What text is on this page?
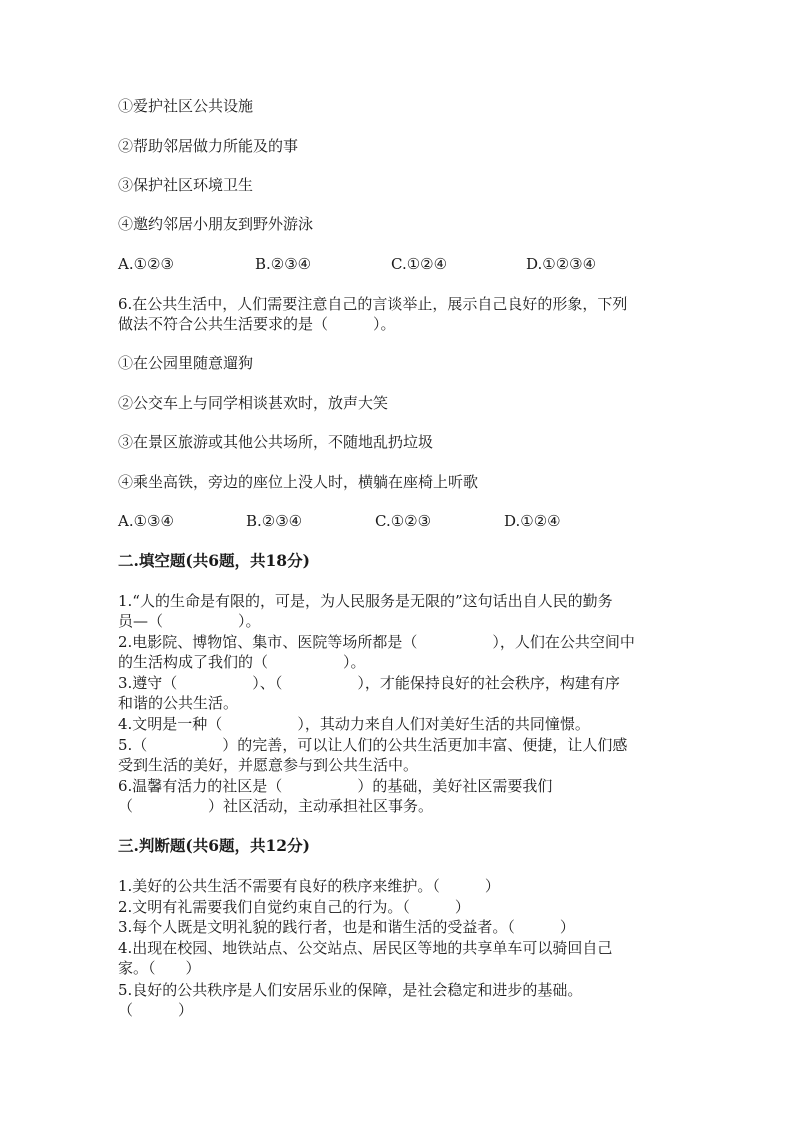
①爱护社区公共设施
②帮助邻居做力所能及的事
③保护社区环境卫生
④邀约邻居小朋友到野外游泳

A.①②③

	B.②③④

	C.①②④

	D.①②③④

6.在公共生活中，人们需要注意自己的言谈举止，展示自己良好的形象，下列
做法不符合公共生活要求的是（　　　）。
①在公园里随意遛狗
②公交车上与同学相谈甚欢时，放声大笑
③在景区旅游或其他公共场所，不随地乱扔垃圾
④乘坐高铁，旁边的座位上没人时，横躺在座椅上听歌

A.①③④

	B.②③④

	C.①②③

	D.①②④

二.填空题(共6题，共18分)
1.“人的生命是有限的，可是，为人民服务是无限的”这句话出自人民的勤务
员—（　　　　　）。
2.电影院、博物馆、集市、医院等场所都是（　　　　　），人们在公共空间中
的生活构成了我们的（　　　　　）。
3.遵守（　　　　　）、（　　　　　），才能保持良好的社会秩序，构建有序
和谐的公共生活。
4.文明是一种（　　　　　），其动力来自人们对美好生活的共同憧憬。
5.（　　　　　）的完善，可以让人们的公共生活更加丰富、便捷，让人们感
受到生活的美好，并愿意参与到公共生活中。
6.温馨有活力的社区是（　　　　　）的基础，美好社区需要我们
（　　　　　）社区活动，主动承担社区事务。
三.判断题(共6题，共12分)
1.美好的公共生活不需要有良好的秩序来维护。（　　　）
2.文明有礼需要我们自觉约束自己的行为。（　　　）
3.每个人既是文明礼貌的践行者，也是和谐生活的受益者。（　　　）
4.出现在校园、地铁站点、公交站点、居民区等地的共享单车可以骑回自己
家。（　　）
5.良好的公共秩序是人们安居乐业的保障，是社会稳定和进步的基础。
（　　　）
